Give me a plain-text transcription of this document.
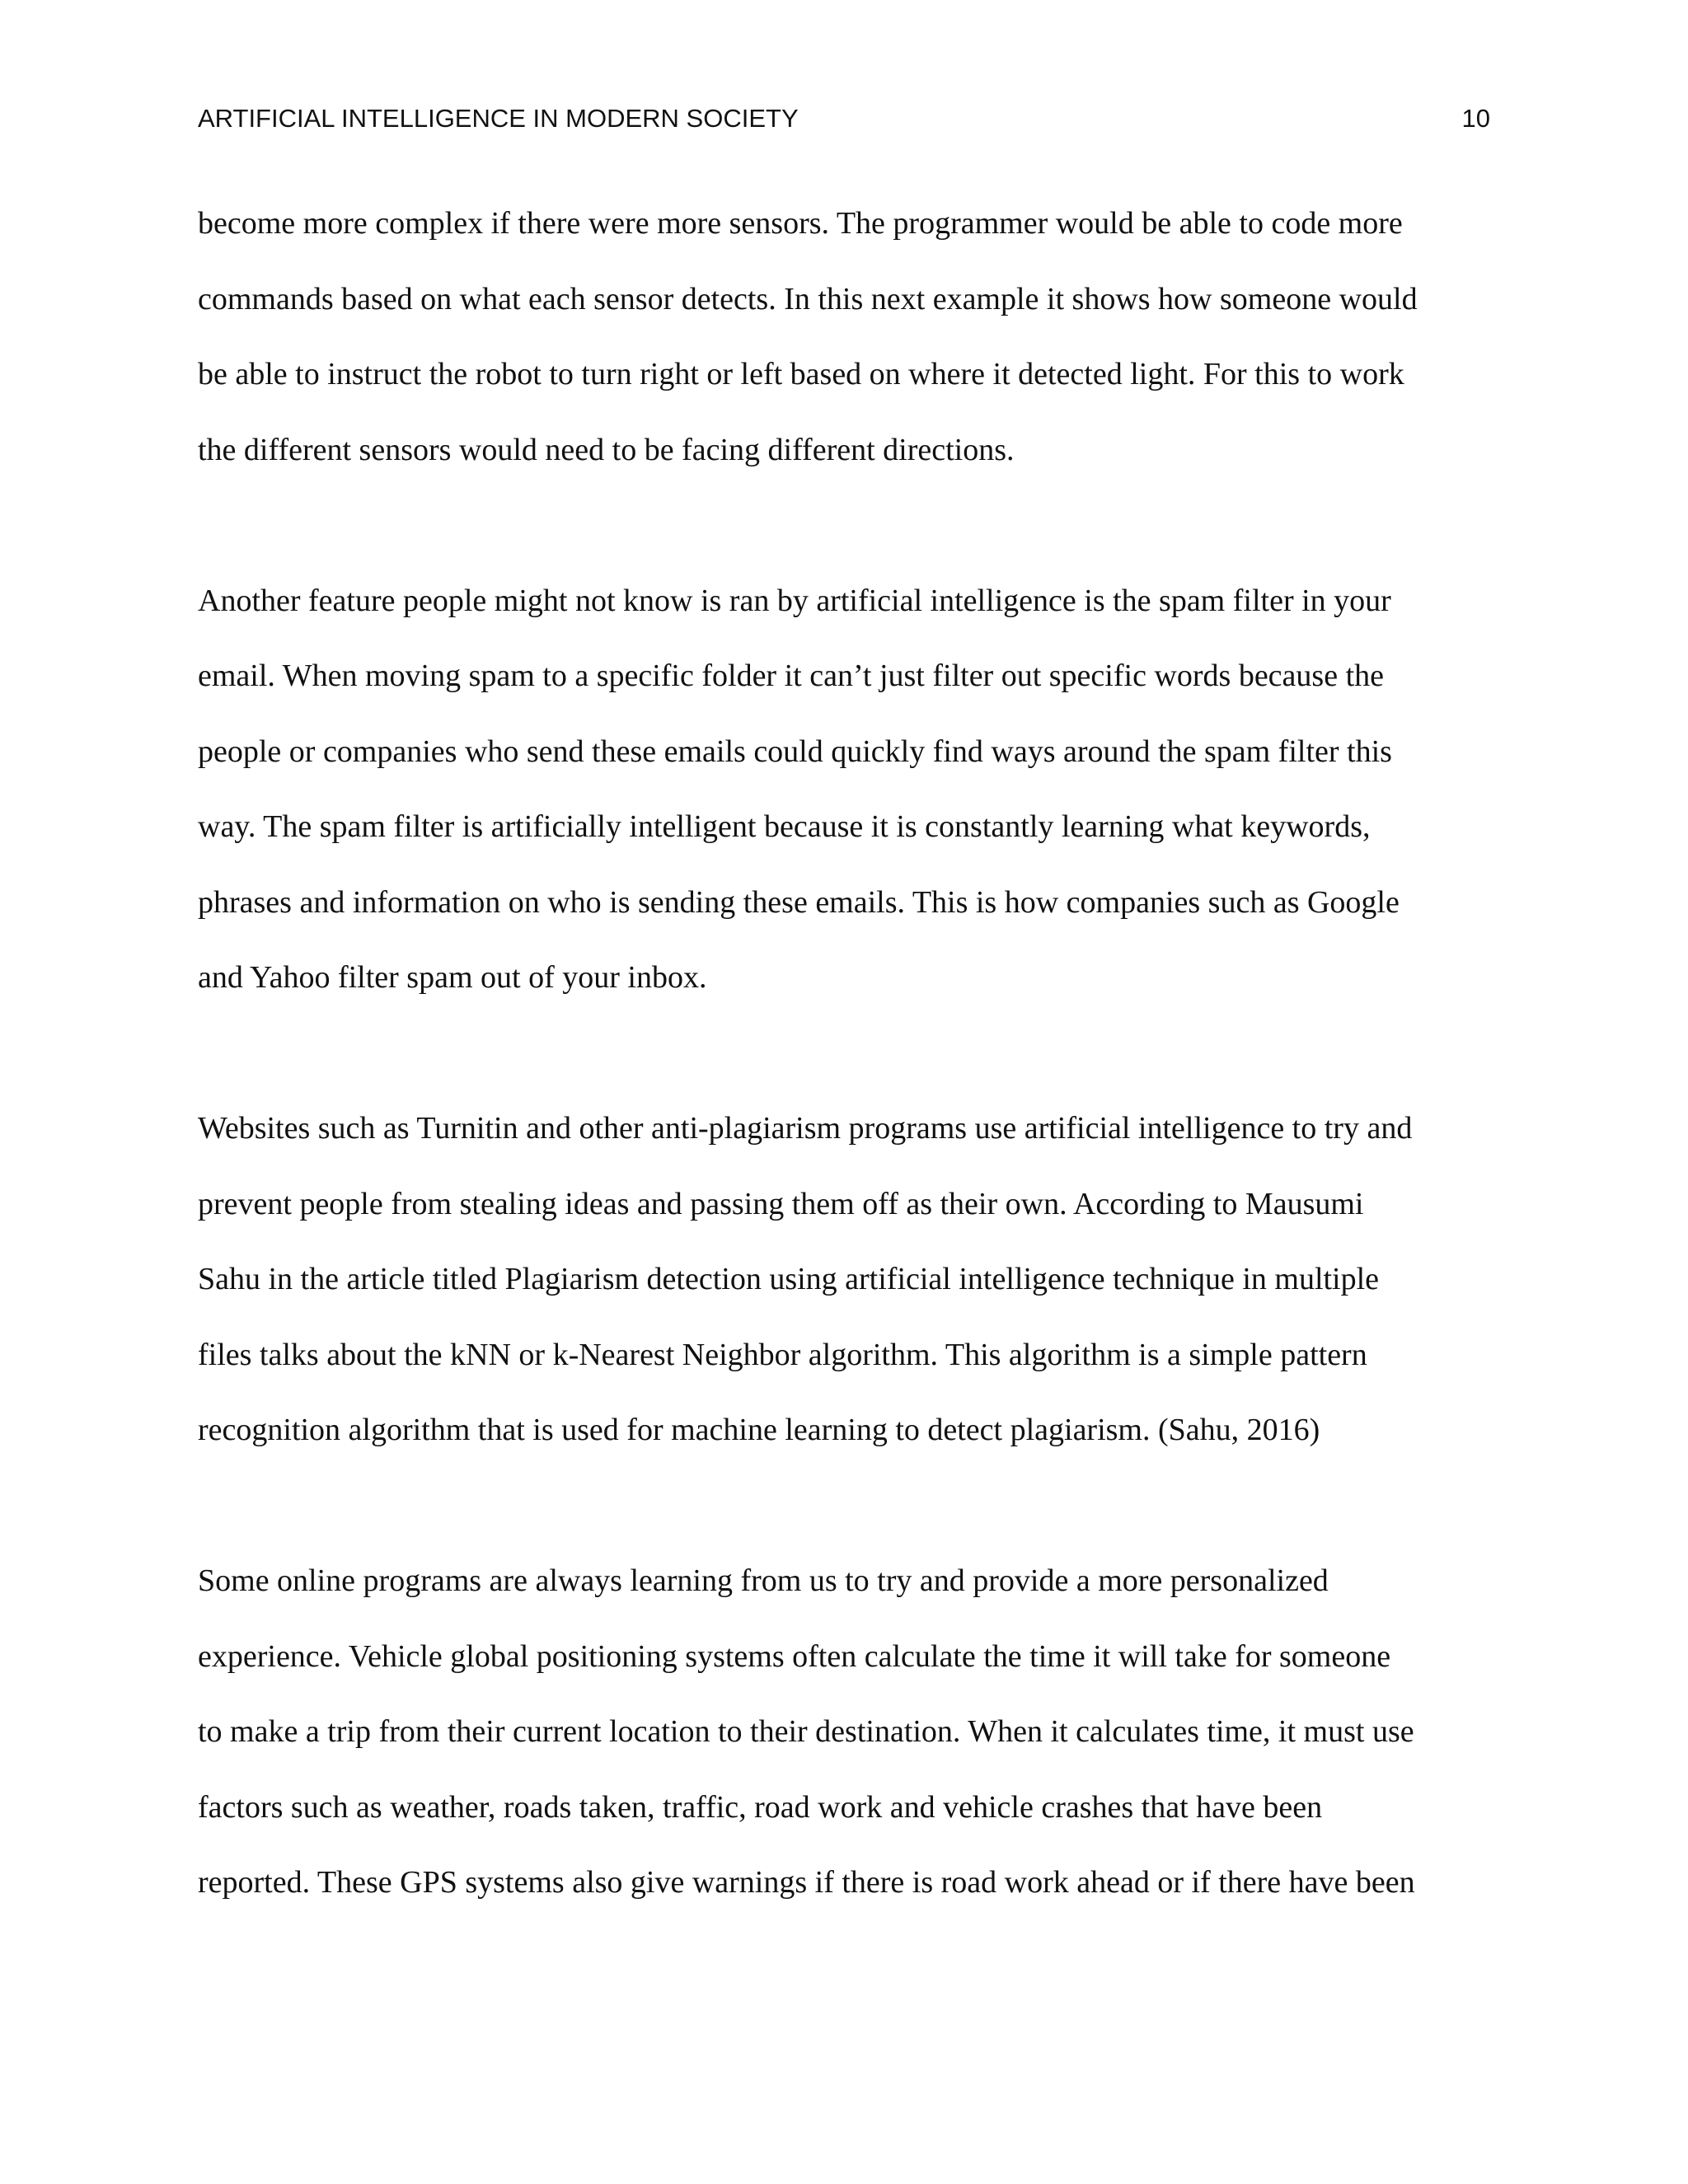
ARTIFICIAL INTELLIGENCE IN MODERN SOCIETY	10
become more complex if there were more sensors. The programmer would be able to code more
commands based on what each sensor detects. In this next example it shows how someone would
be able to instruct the robot to turn right or left based on where it detected light. For this to work
the different sensors would need to be facing different directions.
Another feature people might not know is ran by artificial intelligence is the spam filter in your
email. When moving spam to a specific folder it can’t just filter out specific words because the
people or companies who send these emails could quickly find ways around the spam filter this
way. The spam filter is artificially intelligent because it is constantly learning what keywords,
phrases and information on who is sending these emails. This is how companies such as Google
and Yahoo filter spam out of your inbox.
Websites such as Turnitin and other anti-plagiarism programs use artificial intelligence to try and
prevent people from stealing ideas and passing them off as their own. According to Mausumi
Sahu in the article titled Plagiarism detection using artificial intelligence technique in multiple
files talks about the kNN or k-Nearest Neighbor algorithm. This algorithm is a simple pattern
recognition algorithm that is used for machine learning to detect plagiarism. (Sahu, 2016)
Some online programs are always learning from us to try and provide a more personalized
experience. Vehicle global positioning systems often calculate the time it will take for someone
to make a trip from their current location to their destination. When it calculates time, it must use
factors such as weather, roads taken, traffic, road work and vehicle crashes that have been
reported. These GPS systems also give warnings if there is road work ahead or if there have been
